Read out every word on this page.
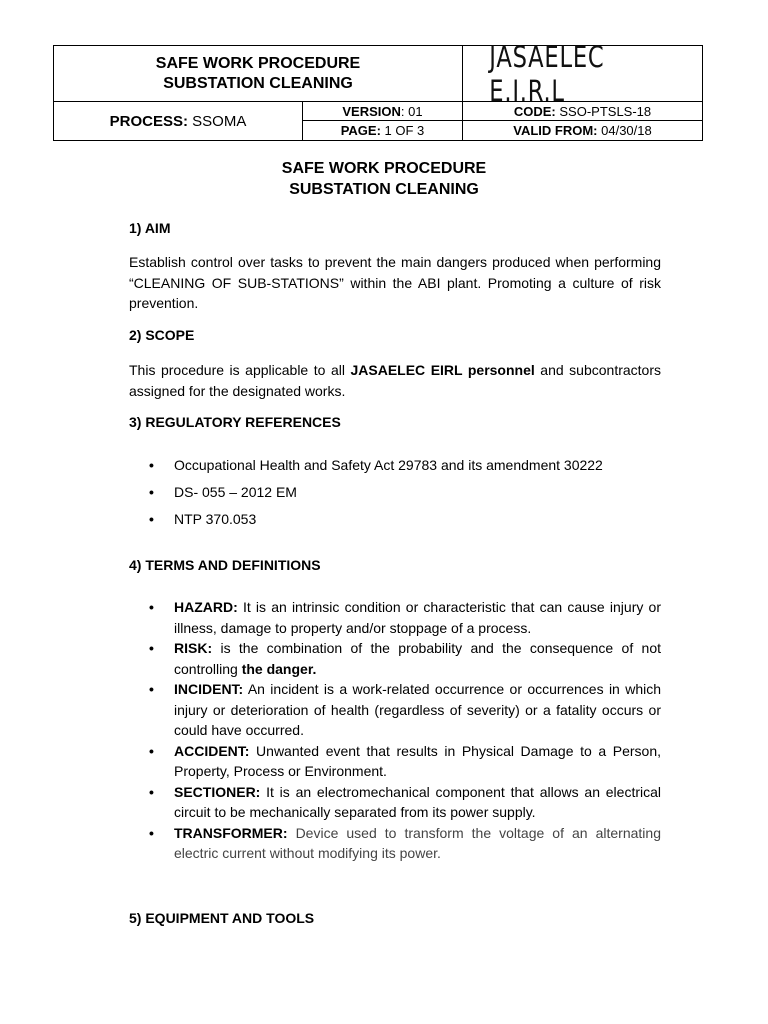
SAFE WORK PROCEDURE
SUBSTATION CLEANING
JASAELEC E.I.R.L
PROCESS:
SSOMA
VERSION : 01
PAGE:
1 OF 3
CODE:
SSO-PTSLS-18
VALID FROM:
04/30/18
SAFE WORK PROCEDURE
SUBSTATION CLEANING
1) AIM
Establish control over tasks to prevent the main dangers produced when performing “CLEANING OF SUB-STATIONS” within the ABI plant. Promoting a culture of risk prevention.
2) SCOPE
This procedure is applicable to all JASAELEC EIRL personnel and subcontractors assigned for the designated works.
3) REGULATORY REFERENCES
• Occupational Health and Safety Act 29783 and its amendment 30222
• DS- 055 – 2012 EM
• NTP 370.053
4) TERMS AND DEFINITIONS
• HAZARD: It is an intrinsic condition or characteristic that can cause injury or illness, damage to property and/or stoppage of a process.
• RISK: is the combination of the probability and the consequence of not controlling the danger.
• INCIDENT: An incident is a work-related occurrence or occurrences in which injury or deterioration of health (regardless of severity) or a fatality occurs or could have occurred.
• ACCIDENT: Unwanted event that results in Physical Damage to a Person, Property, Process or Environment.
• SECTIONER: It is an electromechanical component that allows an electrical circuit to be mechanically separated from its power supply.
• TRANSFORMER: Device used to transform the voltage of an alternating electric current without modifying its power.
5) EQUIPMENT AND TOOLS
